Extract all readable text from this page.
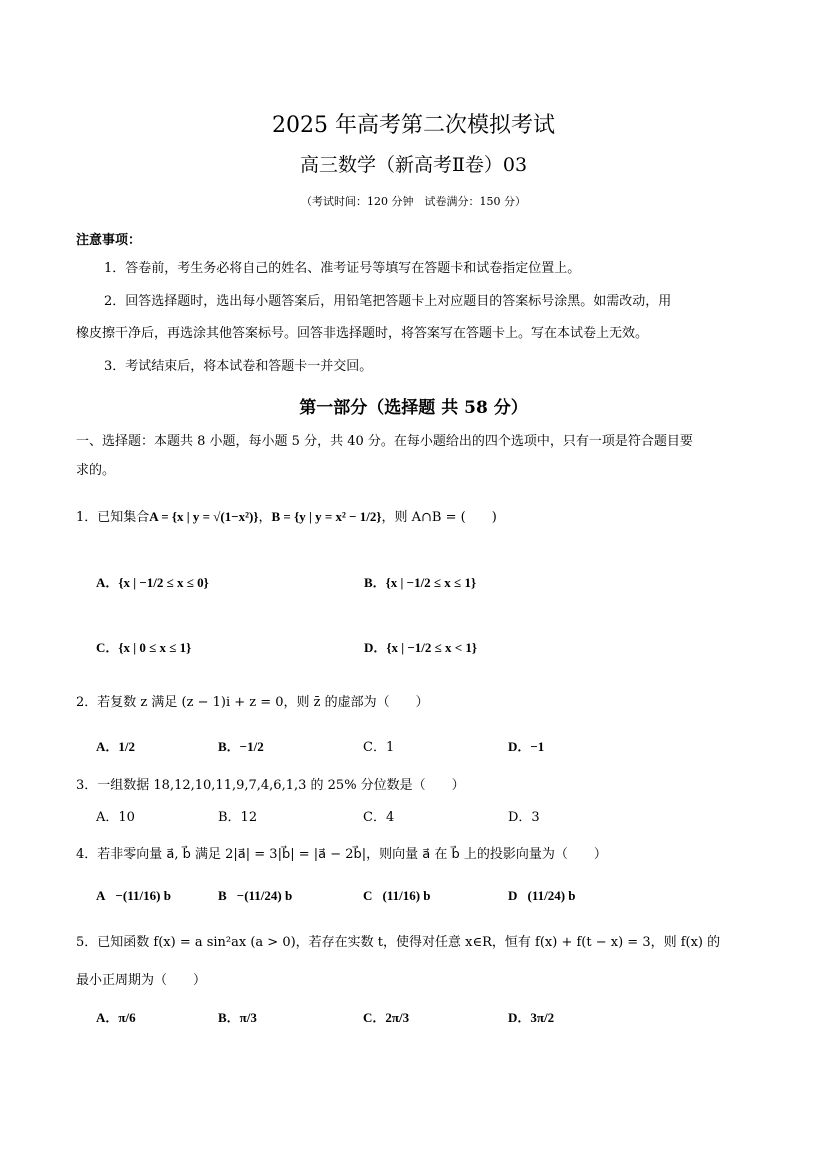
2025 年高考第二次模拟考试
高三数学（新高考Ⅱ卷）03
（考试时间：120 分钟　试卷满分：150 分）
注意事项：
1．答卷前，考生务必将自己的姓名、准考证号等填写在答题卡和试卷指定位置上。
2．回答选择题时，选出每小题答案后，用铅笔把答题卡上对应题目的答案标号涂黑。如需改动，用
橡皮擦干净后，再选涂其他答案标号。回答非选择题时，将答案写在答题卡上。写在本试卷上无效。
3．考试结束后，将本试卷和答题卡一并交回。
第一部分（选择题 共 58 分）
一、选择题：本题共 8 小题，每小题 5 分，共 40 分。在每小题给出的四个选项中，只有一项是符合题目要
求的。
1．已知集合A = {x | y = √(1−x²)}，B = {y | y = x² − 1/2}，则 A∩B = (　　)
A．{x | −1/2 ≤ x ≤ 0}	B．{x | −1/2 ≤ x ≤ 1}
C．{x | 0 ≤ x ≤ 1}	D．{x | −1/2 ≤ x < 1}
2．若复数 z 满足 (z − 1)i + z = 0，则 z̄ 的虚部为（　　）
A．1/2	B．−1/2	C．1	D．−1
3．一组数据 18,12,10,11,9,7,4,6,1,3 的 25% 分位数是（　　）
A．10	B．12	C．4	D．3
4．若非零向量 a⃗, b⃗ 满足 2|a⃗| = 3|b⃗| = |a⃗ − 2b⃗|，则向量 a⃗ 在 b⃗ 上的投影向量为（　　）
A．−(11/16) b⃗	B．−(11/24) b⃗	C．(11/16) b⃗	D．(11/24) b⃗
5．已知函数 f(x) = a sin²ax (a > 0)，若存在实数 t，使得对任意 x∈R，恒有 f(x) + f(t − x) = 3，则 f(x) 的
最小正周期为（　　）
A．π/6	B．π/3	C．2π/3	D．3π/2
